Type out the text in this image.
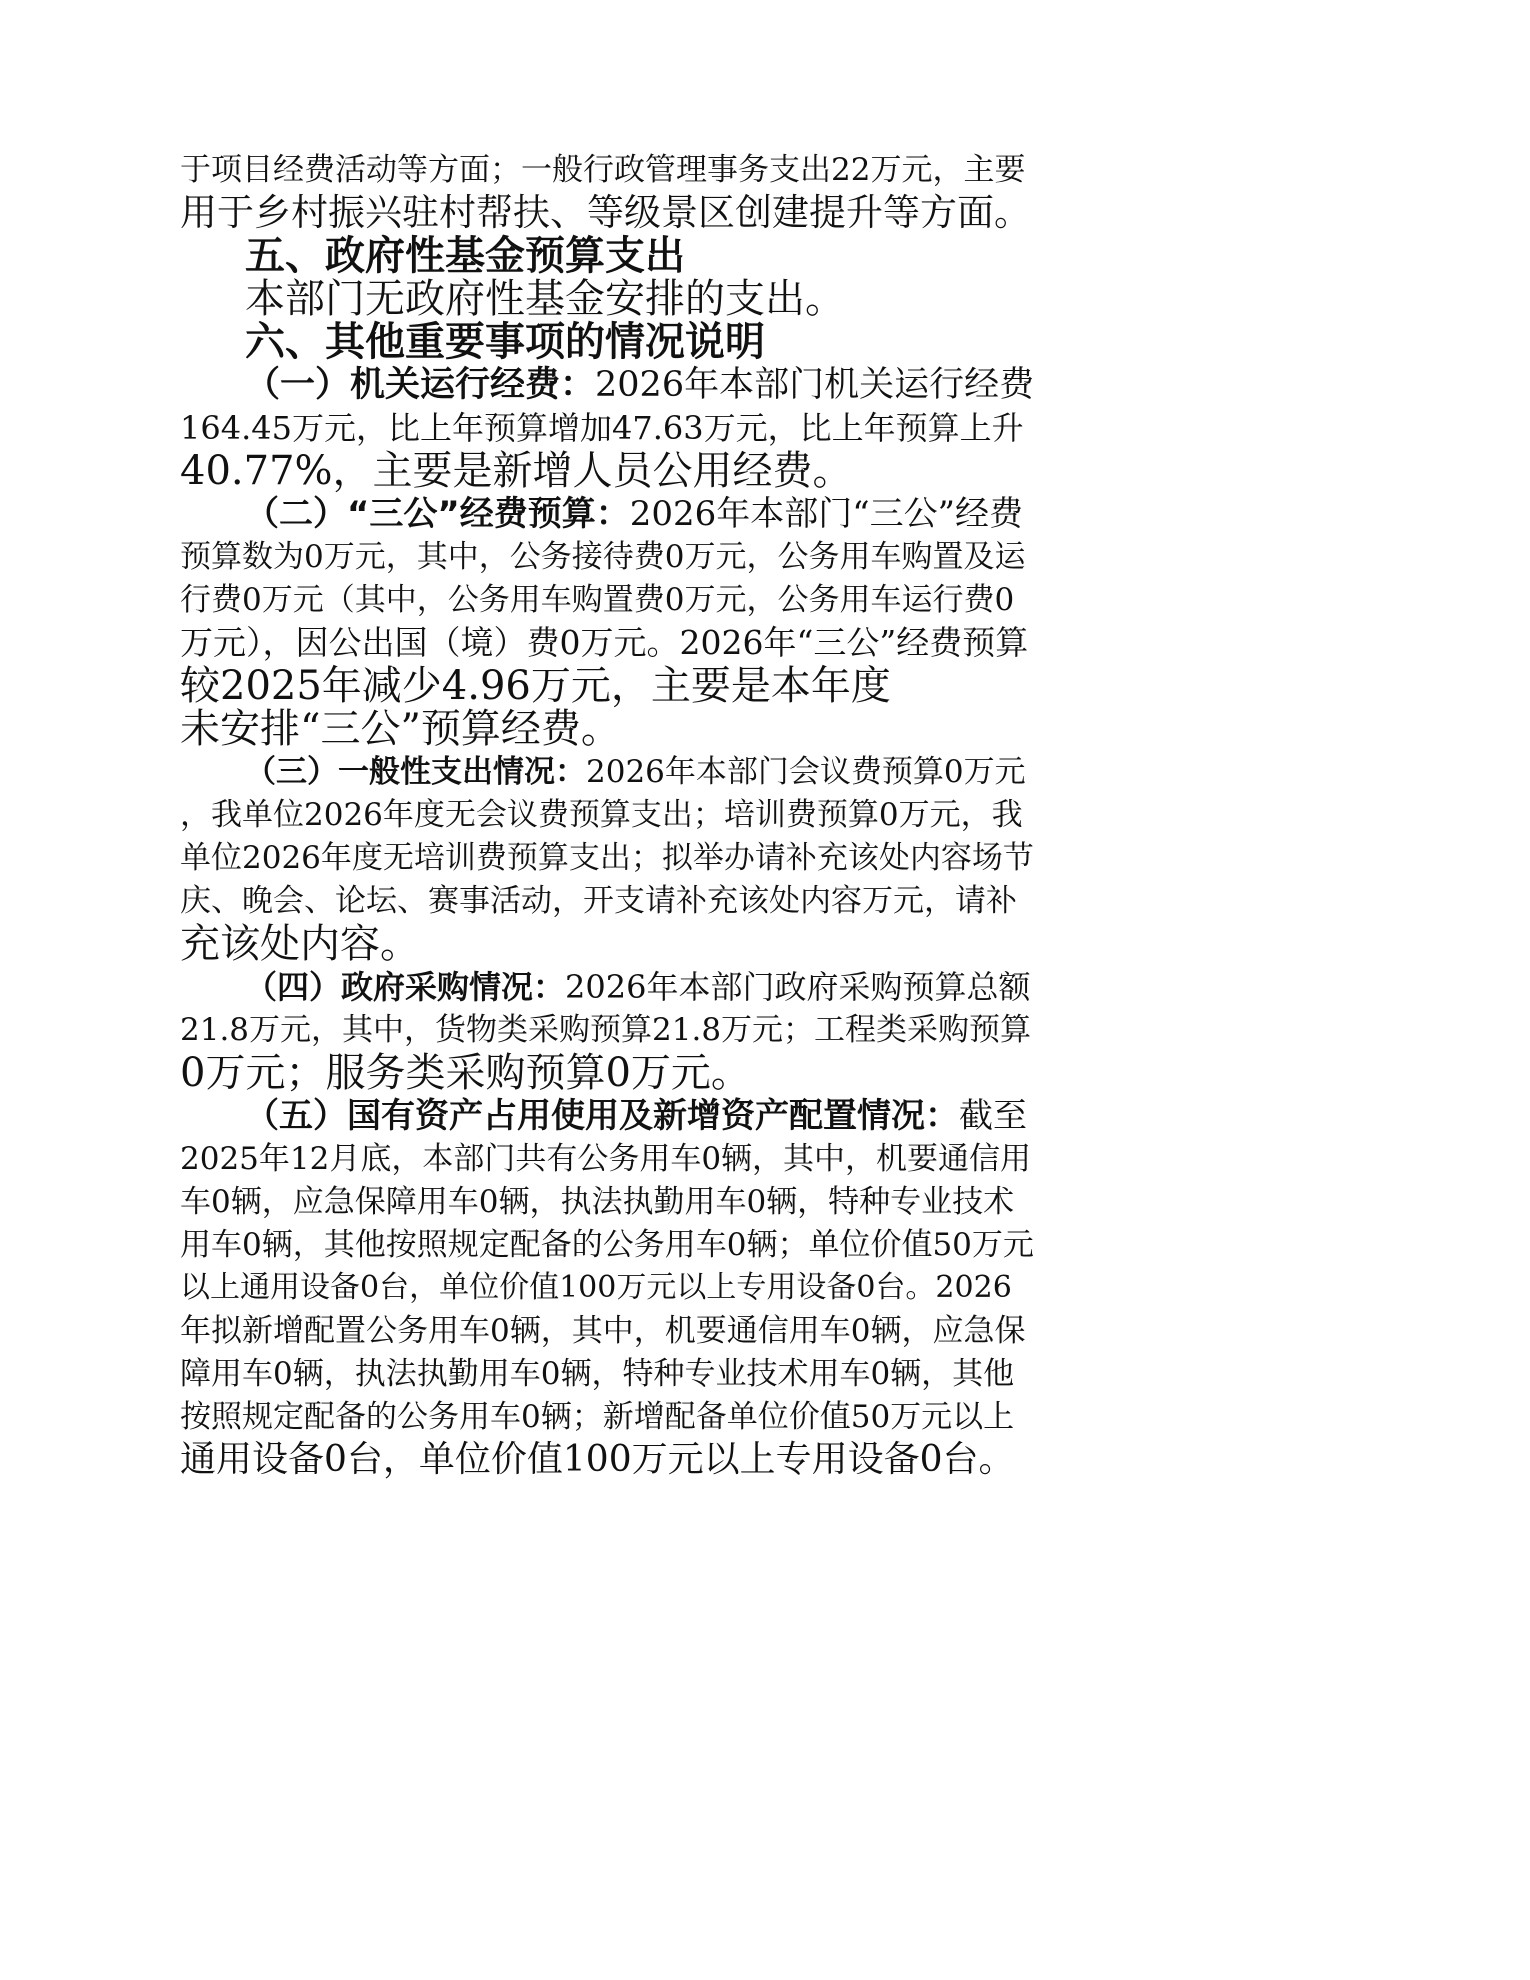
于项目经费活动等方面；一般行政管理事务支出22万元，主要
用于乡村振兴驻村帮扶、等级景区创建提升等方面。
五、政府性基金预算支出
本部门无政府性基金安排的支出。
六、其他重要事项的情况说明
（一）机关运行经费：2026年本部门机关运行经费
164.45万元，比上年预算增加47.63万元，比上年预算上升
40.77%，主要是新增人员公用经费。
（二）“三公”经费预算：2026年本部门“三公”经费
预算数为0万元，其中，公务接待费0万元，公务用车购置及运
行费0万元（其中，公务用车购置费0万元，公务用车运行费0
万元），因公出国（境）费0万元。2026年“三公”经费预算
较2025年减少4.96万元，主要是本年度
未安排“三公”预算经费。
（三）一般性支出情况：2026年本部门会议费预算0万元
，我单位2026年度无会议费预算支出；培训费预算0万元，我
单位2026年度无培训费预算支出；拟举办请补充该处内容场节
庆、晚会、论坛、赛事活动，开支请补充该处内容万元，请补
充该处内容。
（四）政府采购情况：2026年本部门政府采购预算总额
21.8万元，其中，货物类采购预算21.8万元；工程类采购预算
0万元；服务类采购预算0万元。
（五）国有资产占用使用及新增资产配置情况：截至
2025年12月底，本部门共有公务用车0辆，其中，机要通信用
车0辆，应急保障用车0辆，执法执勤用车0辆，特种专业技术
用车0辆，其他按照规定配备的公务用车0辆；单位价值50万元
以上通用设备0台，单位价值100万元以上专用设备0台。2026
年拟新增配置公务用车0辆，其中，机要通信用车0辆，应急保
障用车0辆，执法执勤用车0辆，特种专业技术用车0辆，其他
按照规定配备的公务用车0辆；新增配备单位价值50万元以上
通用设备0台，单位价值100万元以上专用设备0台。
